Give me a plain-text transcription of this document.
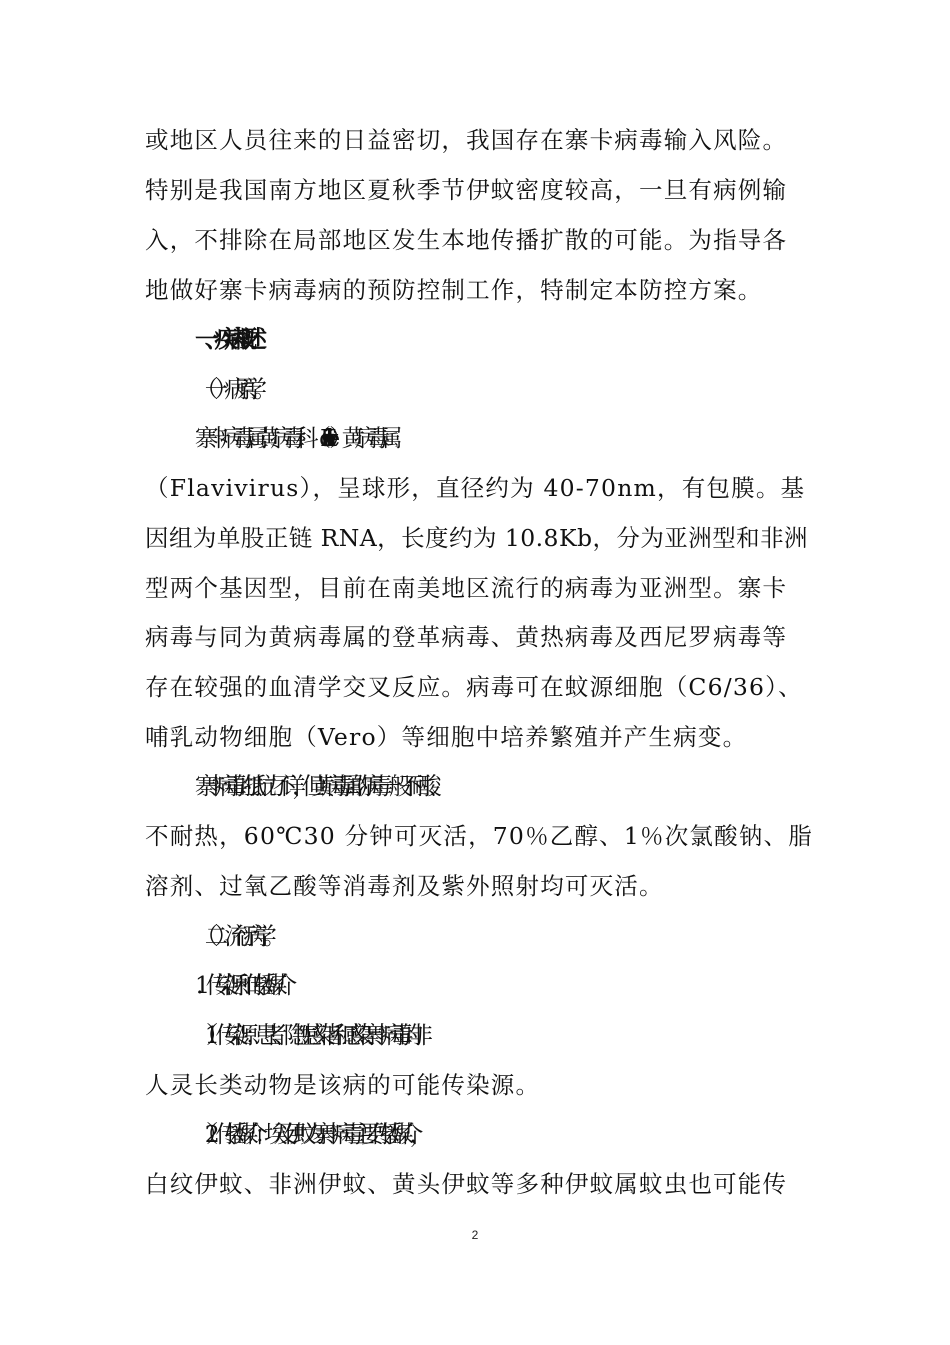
或地区人员往来的日益密切，我国存在寨卡病毒输入风险。
特别是我国南方地区夏秋季节伊蚊密度较高，一旦有病例输
入，不排除在局部地区发生本地传播扩散的可能。为指导各
地做好寨卡病毒病的预防控制工作，特制定本防控方案。
一、疾病概述
（一）病原学。
寨卡病毒属黄病毒科（Flaviviridae）黄病毒属
（Flavivirus），呈球形，直径约为 40-70nm，有包膜。基
因组为单股正链 RNA，长度约为 10.8Kb，分为亚洲型和非洲
型两个基因型，目前在南美地区流行的病毒为亚洲型。寨卡
病毒与同为黄病毒属的登革病毒、黄热病毒及西尼罗病毒等
存在较强的血清学交叉反应。病毒可在蚊源细胞（C6/36）、
哺乳动物细胞（Vero）等细胞中培养繁殖并产生病变。
寨卡病毒的抵抗力不详，但黄病毒属的病毒一般不耐酸、
不耐热，60℃30 分钟可灭活，70％乙醇、1％次氯酸钠、脂
溶剂、过氧乙酸等消毒剂及紫外照射均可灭活。
（二）流行病学。
1．传染源和传播媒介
（1）传染源：患者、隐性感染者和感染寨卡病毒的非
人灵长类动物是该病的可能传染源。
（2）传播媒介：埃及伊蚊为寨卡病毒主要传播媒介，
白纹伊蚊、非洲伊蚊、黄头伊蚊等多种伊蚊属蚊虫也可能传
2
